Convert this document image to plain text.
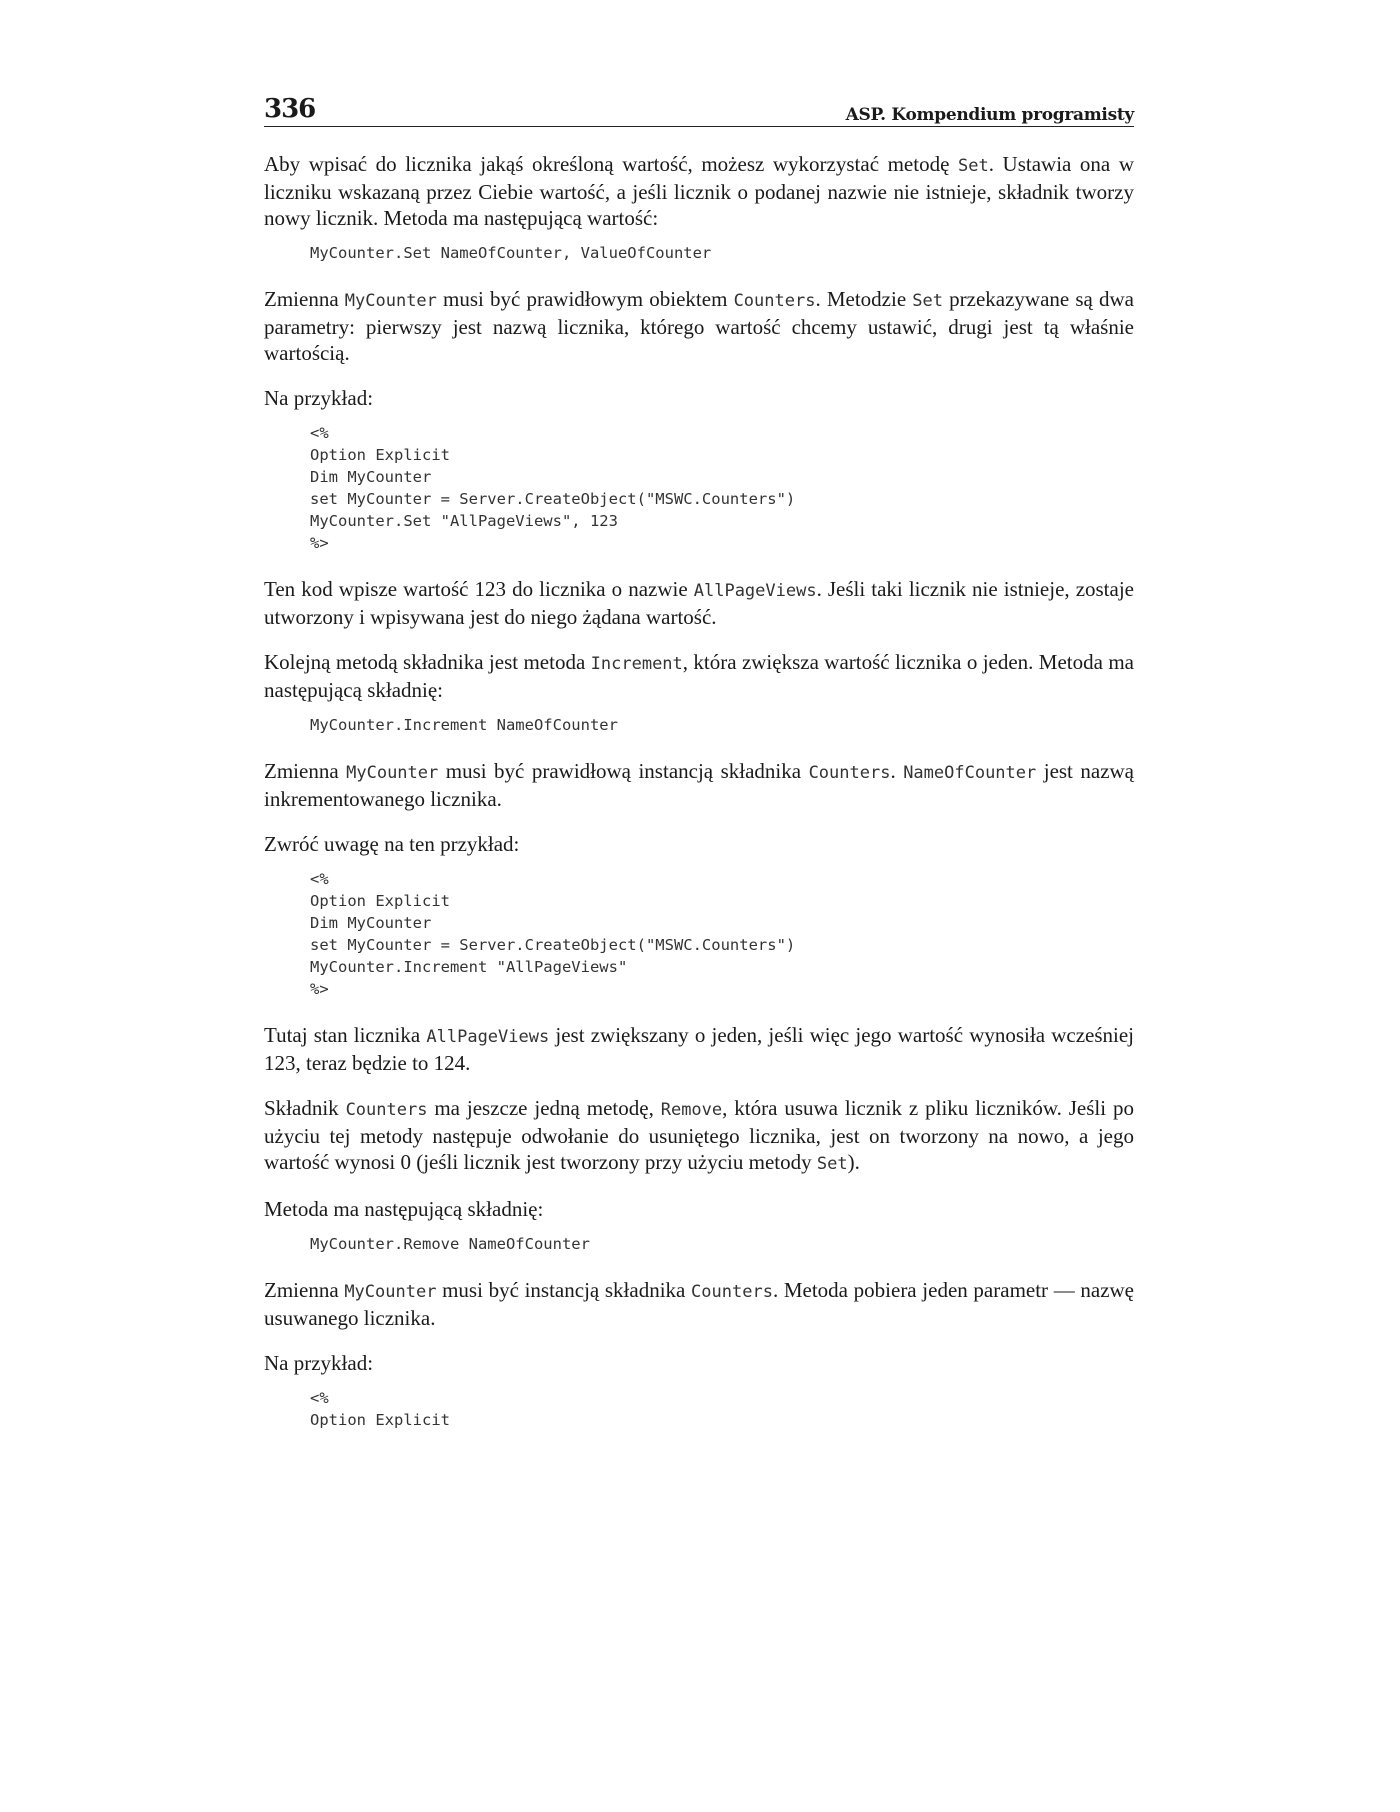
336	ASP. Kompendium programisty

Aby wpisać do licznika jakąś określoną wartość, możesz wykorzystać metodę Set. Ustawia ona w liczniku wskazaną przez Ciebie wartość, a jeśli licznik o podanej nazwie nie istnieje, składnik tworzy nowy licznik. Metoda ma następującą wartość:

MyCounter.Set NameOfCounter, ValueOfCounter

Zmienna MyCounter musi być prawidłowym obiektem Counters. Metodzie Set przekazywane są dwa parametry: pierwszy jest nazwą licznika, którego wartość chcemy ustawić, drugi jest tą właśnie wartością.

Na przykład:

<%
Option Explicit
Dim MyCounter
set MyCounter = Server.CreateObject("MSWC.Counters")
MyCounter.Set "AllPageViews", 123
%>

Ten kod wpisze wartość 123 do licznika o nazwie AllPageViews. Jeśli taki licznik nie istnieje, zostaje utworzony i wpisywana jest do niego żądana wartość.

Kolejną metodą składnika jest metoda Increment, która zwiększa wartość licznika o jeden. Metoda ma następującą składnię:

MyCounter.Increment NameOfCounter

Zmienna MyCounter musi być prawidłową instancją składnika Counters. NameOfCounter jest nazwą inkrementowanego licznika.

Zwróć uwagę na ten przykład:

<%
Option Explicit
Dim MyCounter
set MyCounter = Server.CreateObject("MSWC.Counters")
MyCounter.Increment "AllPageViews"
%>

Tutaj stan licznika AllPageViews jest zwiększany o jeden, jeśli więc jego wartość wynosiła wcześniej 123, teraz będzie to 124.

Składnik Counters ma jeszcze jedną metodę, Remove, która usuwa licznik z pliku liczników. Jeśli po użyciu tej metody następuje odwołanie do usuniętego licznika, jest on tworzony na nowo, a jego wartość wynosi 0 (jeśli licznik jest tworzony przy użyciu metody Set).

Metoda ma następującą składnię:

MyCounter.Remove NameOfCounter

Zmienna MyCounter musi być instancją składnika Counters. Metoda pobiera jeden parametr — nazwę usuwanego licznika.

Na przykład:

<%
Option Explicit
